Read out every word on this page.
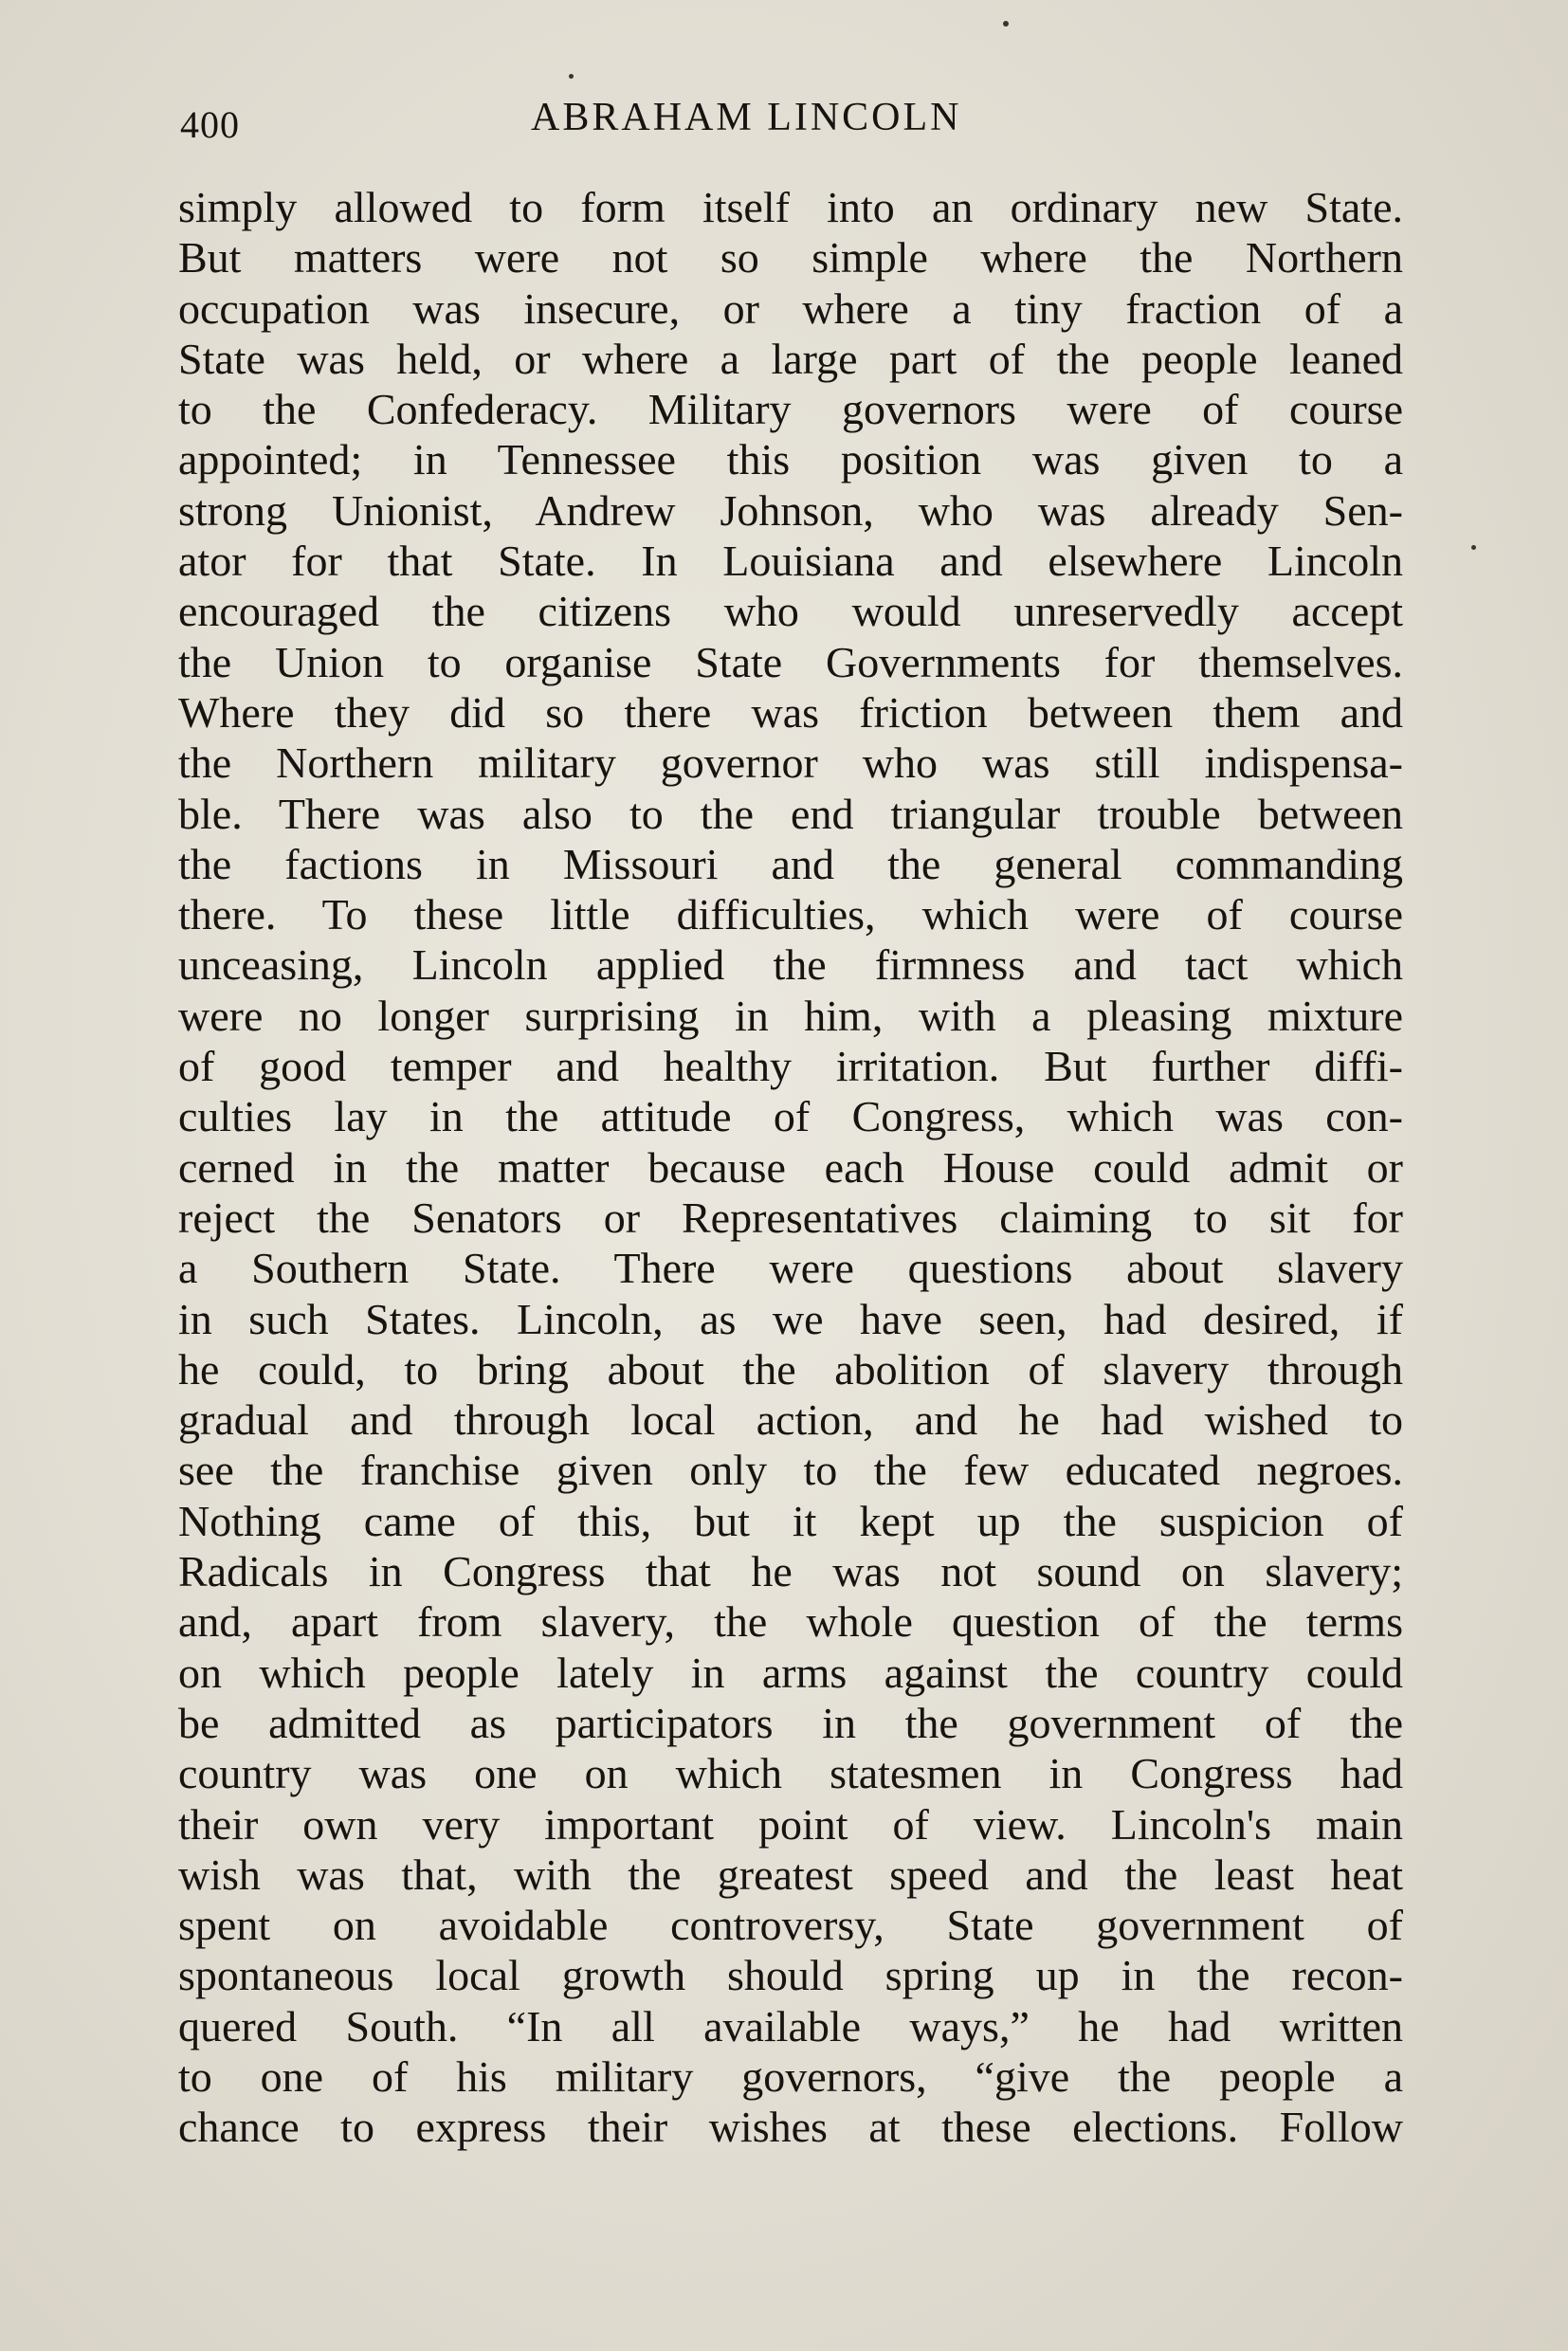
400	ABRAHAM LINCOLN
simply allowed to form itself into an ordinary new State.
But matters were not so simple where the Northern
occupation was insecure, or where a tiny fraction of a
State was held, or where a large part of the people leaned
to the Confederacy. Military governors were of course
appointed; in Tennessee this position was given to a
strong Unionist, Andrew Johnson, who was already Sen-
ator for that State. In Louisiana and elsewhere Lincoln
encouraged the citizens who would unreservedly accept
the Union to organise State Governments for themselves.
Where they did so there was friction between them and
the Northern military governor who was still indispensa-
ble. There was also to the end triangular trouble between
the factions in Missouri and the general commanding
there. To these little difficulties, which were of course
unceasing, Lincoln applied the firmness and tact which
were no longer surprising in him, with a pleasing mixture
of good temper and healthy irritation. But further diffi-
culties lay in the attitude of Congress, which was con-
cerned in the matter because each House could admit or
reject the Senators or Representatives claiming to sit for
a Southern State. There were questions about slavery
in such States. Lincoln, as we have seen, had desired, if
he could, to bring about the abolition of slavery through
gradual and through local action, and he had wished to
see the franchise given only to the few educated negroes.
Nothing came of this, but it kept up the suspicion of
Radicals in Congress that he was not sound on slavery;
and, apart from slavery, the whole question of the terms
on which people lately in arms against the country could
be admitted as participators in the government of the
country was one on which statesmen in Congress had
their own very important point of view. Lincoln's main
wish was that, with the greatest speed and the least heat
spent on avoidable controversy, State government of
spontaneous local growth should spring up in the recon-
quered South. “In all available ways,” he had written
to one of his military governors, “give the people a
chance to express their wishes at these elections. Follow
